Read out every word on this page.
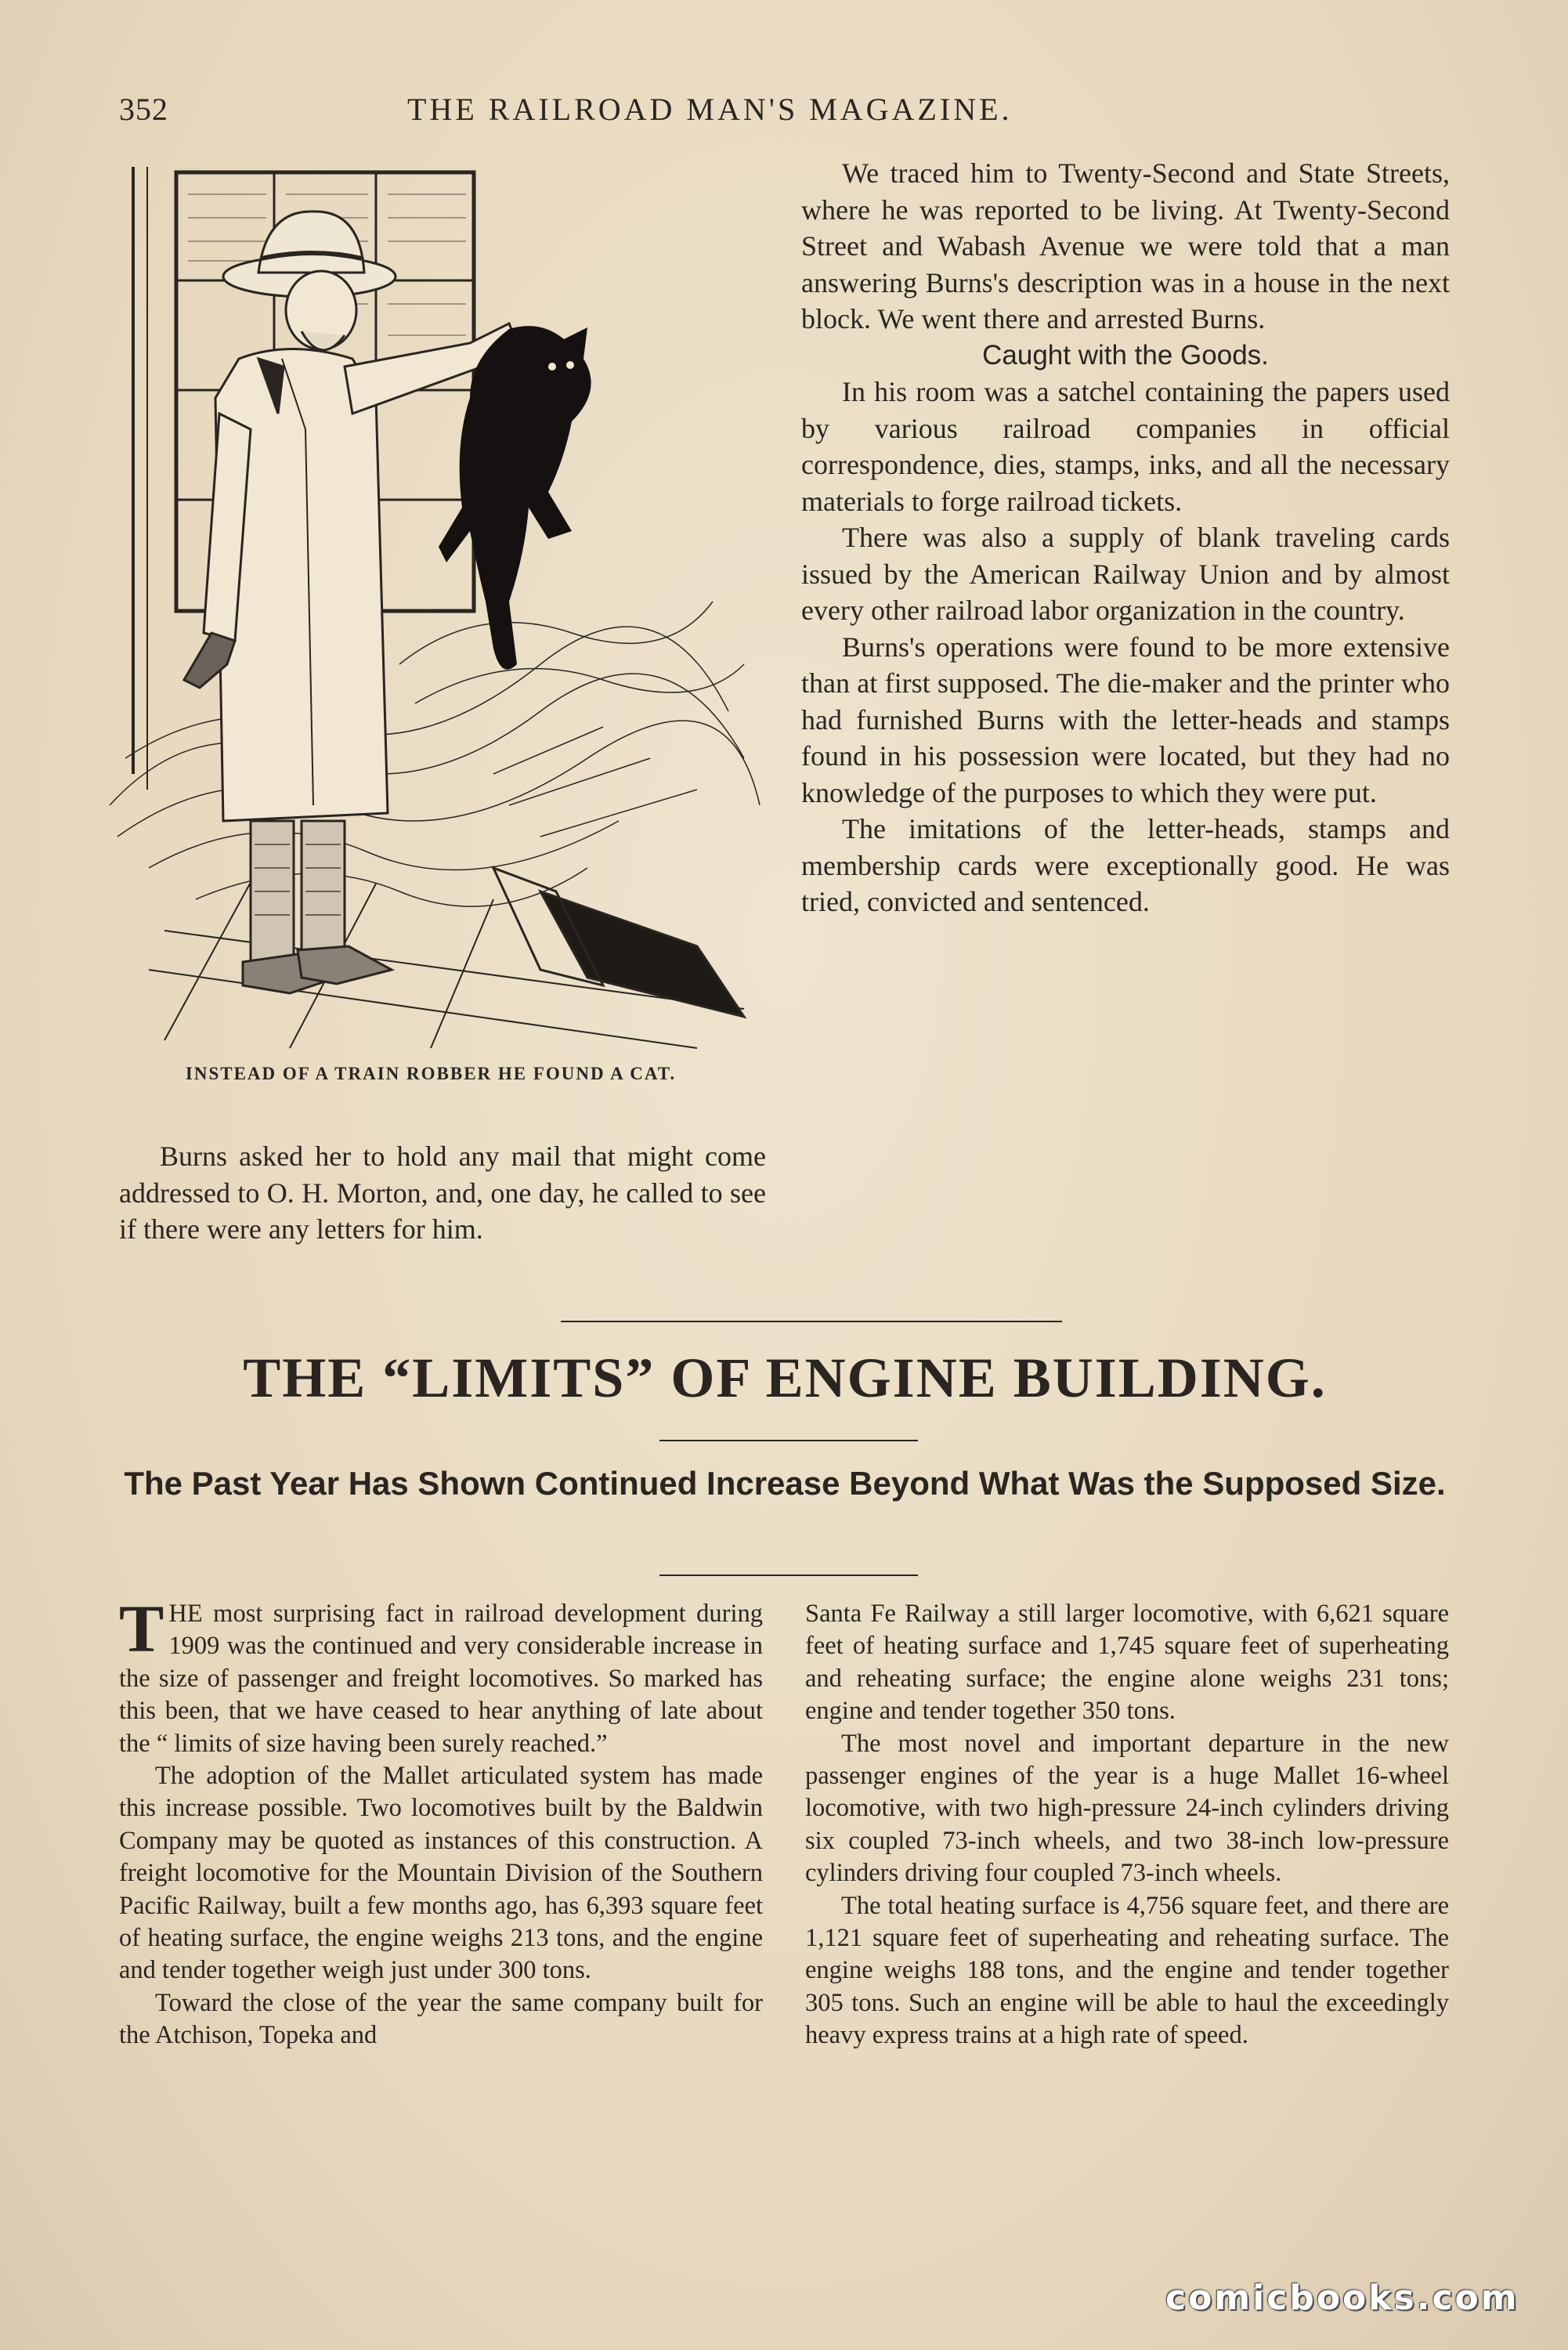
352	THE RAILROAD MAN'S MAGAZINE.
INSTEAD OF A TRAIN ROBBER HE FOUND A CAT.

We traced him to Twenty-Second and State Streets, where he was reported to be living. At Twenty-Second Street and Wabash Avenue we were told that a man answering Burns's description was in a house in the next block. We went there and arrested Burns.

Caught with the Goods.

In his room was a satchel containing the papers used by various railroad companies in official correspondence, dies, stamps, inks, and all the necessary materials to forge railroad tickets.

There was also a supply of blank traveling cards issued by the American Railway Union and by almost every other railroad labor organization in the country.

Burns's operations were found to be more extensive than at first supposed. The die-maker and the printer who had furnished Burns with the letter-heads and stamps found in his possession were located, but they had no knowledge of the purposes to which they were put.

The imitations of the letter-heads, stamps and membership cards were exceptionally good. He was tried, convicted and sentenced.

Burns asked her to hold any mail that might come addressed to O. H. Morton, and, one day, he called to see if there were any letters for him.

THE “LIMITS” OF ENGINE BUILDING.
The Past Year Has Shown Continued Increase Beyond What Was the Supposed Size.

THE most surprising fact in railroad development during 1909 was the continued and very considerable increase in the size of passenger and freight locomotives. So marked has this been, that we have ceased to hear anything of late about the “ limits of size having been surely reached.”

The adoption of the Mallet articulated system has made this increase possible. Two locomotives built by the Baldwin Company may be quoted as instances of this construction. A freight locomotive for the Mountain Division of the Southern Pacific Railway, built a few months ago, has 6,393 square feet of heating surface, the engine weighs 213 tons, and the engine and tender together weigh just under 300 tons.

Toward the close of the year the same company built for the Atchison, Topeka and

Santa Fe Railway a still larger locomotive, with 6,621 square feet of heating surface and 1,745 square feet of superheating and reheating surface; the engine alone weighs 231 tons; engine and tender together 350 tons.

The most novel and important departure in the new passenger engines of the year is a huge Mallet 16-wheel locomotive, with two high-pressure 24-inch cylinders driving six coupled 73-inch wheels, and two 38-inch low-pressure cylinders driving four coupled 73-inch wheels.

The total heating surface is 4,756 square feet, and there are 1,121 square feet of superheating and reheating surface. The engine weighs 188 tons, and the engine and tender together 305 tons. Such an engine will be able to haul the exceedingly heavy express trains at a high rate of speed.

comicbooks.com
